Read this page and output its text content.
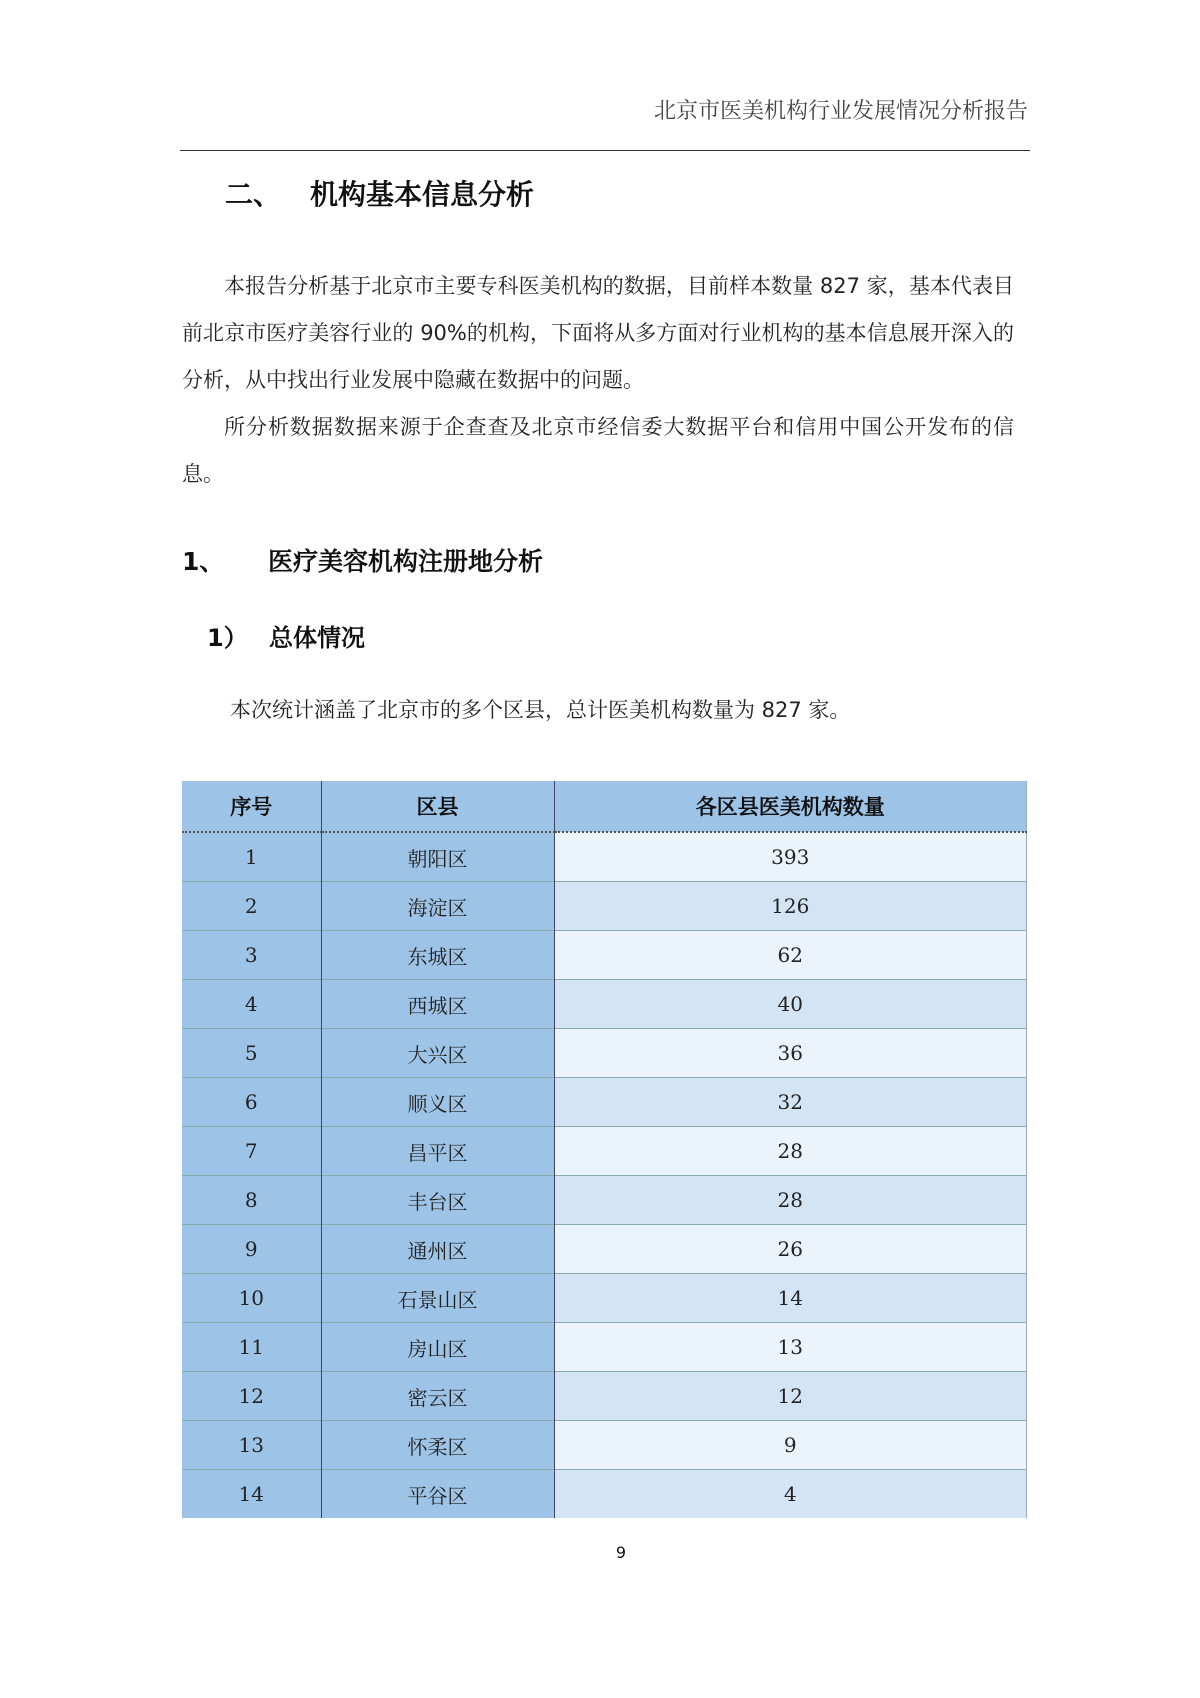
北京市医美机构行业发展情况分析报告
二、 机构基本信息分析

本报告分析基于北京市主要专科医美机构的数据，目前样本数量 827 家，基本代表目前北京市医疗美容行业的 90%的机构，下面将从多方面对行业机构的基本信息展开深入的分析，从中找出行业发展中隐藏在数据中的问题。

所分析数据数据来源于企查查及北京市经信委大数据平台和信用中国公开发布的信息。

1、 医疗美容机构注册地分析
1） 总体情况
本次统计涵盖了北京市的多个区县，总计医美机构数量为 827 家。
序号	区县	各区县医美机构数量
1	朝阳区	393
2	海淀区	126
3	东城区	62
4	西城区	40
5	大兴区	36
6	顺义区	32
7	昌平区	28
8	丰台区	28
9	通州区	26
10	石景山区	14
11	房山区	13
12	密云区	12
13	怀柔区	9
14	平谷区	4
9
